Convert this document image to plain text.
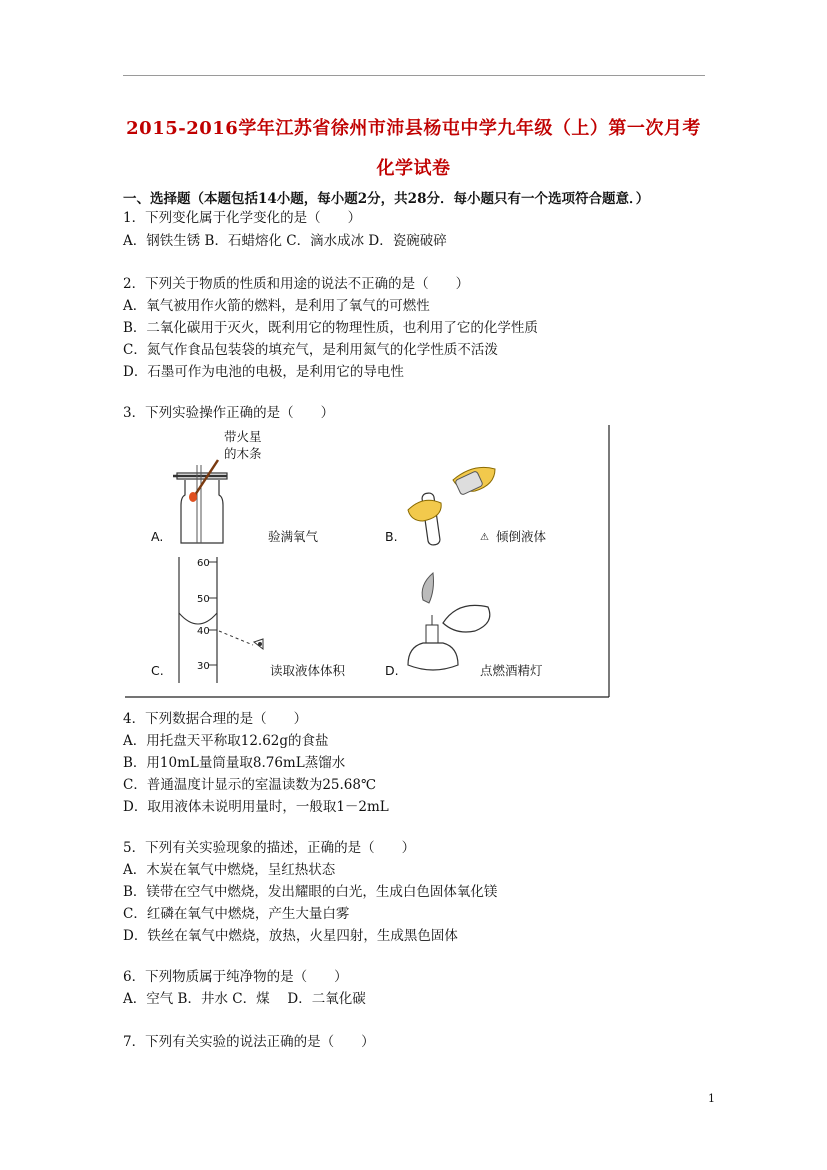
2015-2016学年江苏省徐州市沛县杨屯中学九年级（上）第一次月考
化学试卷
一、选择题（本题包括14小题，每小题2分，共28分．每小题只有一个选项符合题意．）
1．下列变化属于化学变化的是（　　）
A．钢铁生锈 B．石蜡熔化 C．滴水成冰 D．瓷碗破碎
2．下列关于物质的性质和用途的说法不正确的是（　　）
A．氧气被用作火箭的燃料，是利用了氧气的可燃性
B．二氧化碳用于灭火，既利用它的物理性质，也利用了它的化学性质
C．氮气作食品包装袋的填充气，是利用氮气的化学性质不活泼
D．石墨可作为电池的电极，是利用它的导电性
3．下列实验操作正确的是（　　）
带火星
的木条
A.	验满氧气	B.	⚠ 倾倒液体
60
50
40
30
C.	读取液体体积	D.	点燃酒精灯
4．下列数据合理的是（　　）
A．用托盘天平称取12.62g的食盐
B．用10mL量筒量取8.76mL蒸馏水
C．普通温度计显示的室温读数为25.68℃
D．取用液体未说明用量时，一般取1－2mL
5．下列有关实验现象的描述，正确的是（　　）
A．木炭在氧气中燃烧，呈红热状态
B．镁带在空气中燃烧，发出耀眼的白光，生成白色固体氧化镁
C．红磷在氧气中燃烧，产生大量白雾
D．铁丝在氧气中燃烧，放热，火星四射，生成黑色固体
6．下列物质属于纯净物的是（　　）
A．空气 B．井水 C．煤　 D．二氧化碳
7．下列有关实验的说法正确的是（　　）
1
